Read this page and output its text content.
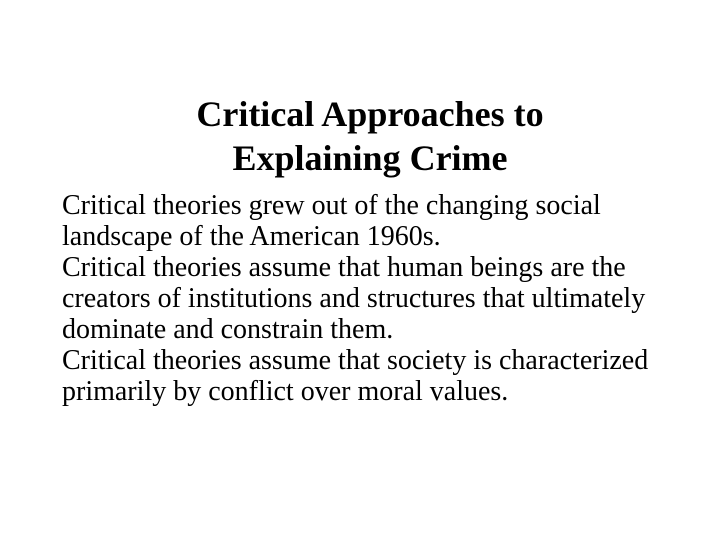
Critical Approaches to
Explaining Crime
Critical theories grew out of the changing social landscape of the American 1960s.
Critical theories assume that human beings are the creators of institutions and structures that ultimately dominate and constrain them.
Critical theories assume that society is characterized primarily by conflict over moral values.
